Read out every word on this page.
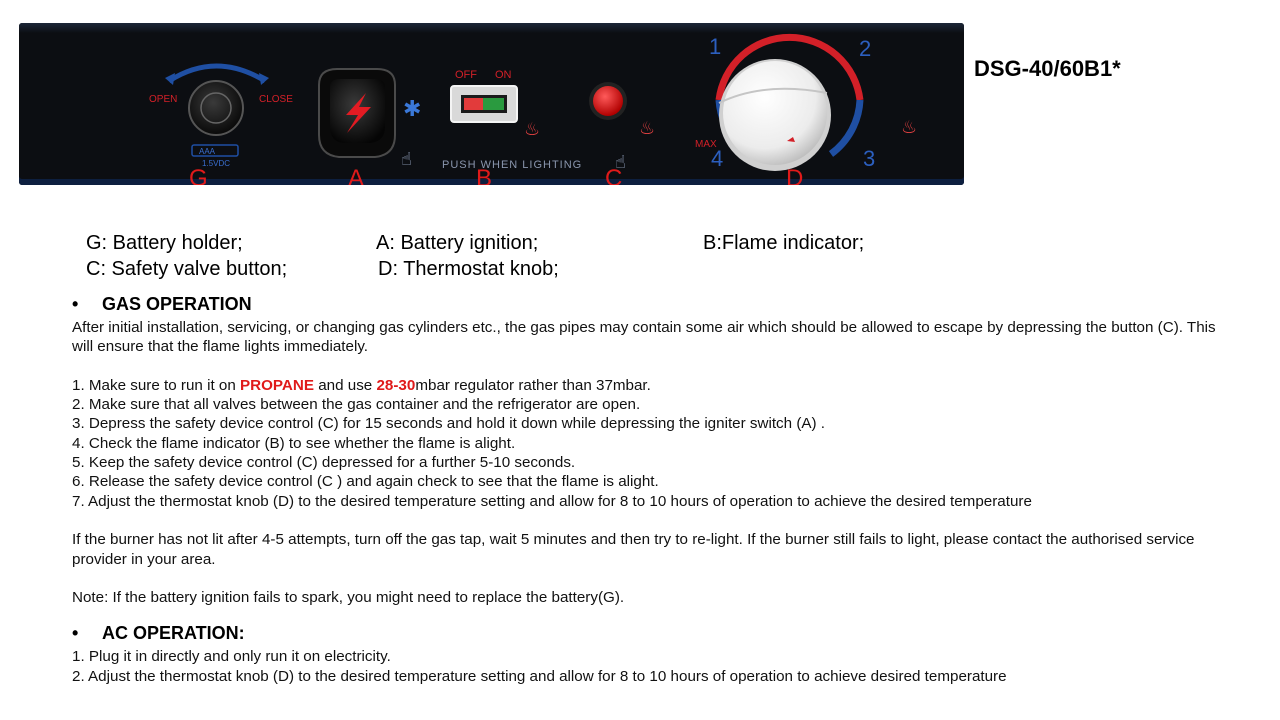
OPEN	CLOSE
AAA
1.5VDC
✱
☝
OFF ON
♨
PUSH WHEN LIGHTING
♨
☝
1	2
3
4
MAX
♨
G	A	B	C	D
DSG-40/60B1*
G: Battery holder;	A: Battery ignition;	B:Flame indicator;
C: Safety valve button;	D: Thermostat knob;
• GAS OPERATION

After initial installation, servicing, or changing gas cylinders etc., the gas pipes may contain some air which should be allowed to escape by depressing the button (C). This will ensure that the flame lights immediately.

1. Make sure to run it on PROPANE and use 28-30mbar regulator rather than 37mbar.

2. Make sure that all valves between the gas container and the refrigerator are open.

3. Depress the safety device control (C) for 15 seconds and hold it down while depressing the igniter switch (A) .

4. Check the flame indicator (B) to see whether the flame is alight.

5. Keep the safety device control (C) depressed for a further 5-10 seconds.

6. Release the safety device control (C ) and again check to see that the flame is alight.

7. Adjust the thermostat knob (D) to the desired temperature setting and allow for 8 to 10 hours of operation to achieve the desired temperature

If the burner has not lit after 4-5 attempts, turn off the gas tap, wait 5 minutes and then try to re-light. If the burner still fails to light, please contact the authorised service provider in your area.

Note: If the battery ignition fails to spark, you might need to replace the battery(G).

• AC OPERATION:

1. Plug it in directly and only run it on electricity.

2. Adjust the thermostat knob (D) to the desired temperature setting and allow for 8 to 10 hours of operation to achieve desired temperature
